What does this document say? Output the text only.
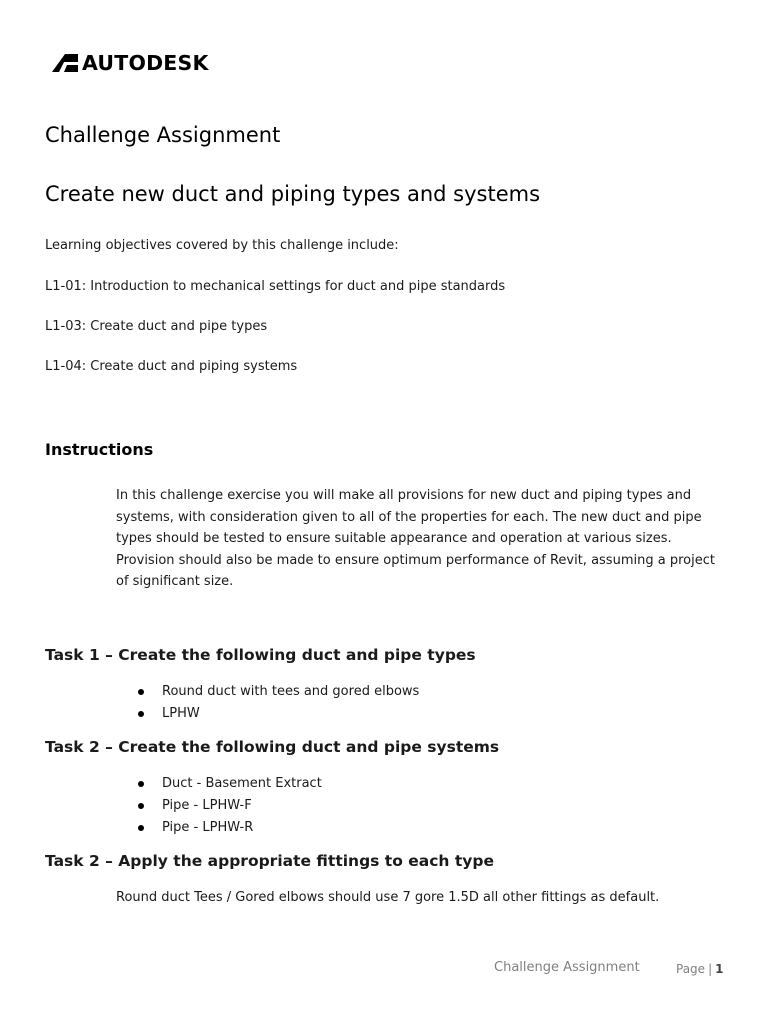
AUTODESK
Challenge Assignment
Create new duct and piping types and systems

Learning objectives covered by this challenge include:

L1-01: Introduction to mechanical settings for duct and pipe standards

L1-03: Create duct and pipe types

L1-04: Create duct and piping systems

Instructions

In this challenge exercise you will make all provisions for new duct and piping types and systems, with consideration given to all of the properties for each. The new duct and pipe types should be tested to ensure suitable appearance and operation at various sizes. Provision should also be made to ensure optimum performance of Revit, assuming a project of significant size.

Task 1 – Create the following duct and pipe types
Round duct with tees and gored elbows
LPHW
Task 2 – Create the following duct and pipe systems
Duct - Basement Extract
Pipe - LPHW-F
Pipe - LPHW-R
Task 2 – Apply the appropriate fittings to each type

Round duct Tees / Gored elbows should use 7 gore 1.5D all other fittings as default.

Challenge Assignment	Page | 1
